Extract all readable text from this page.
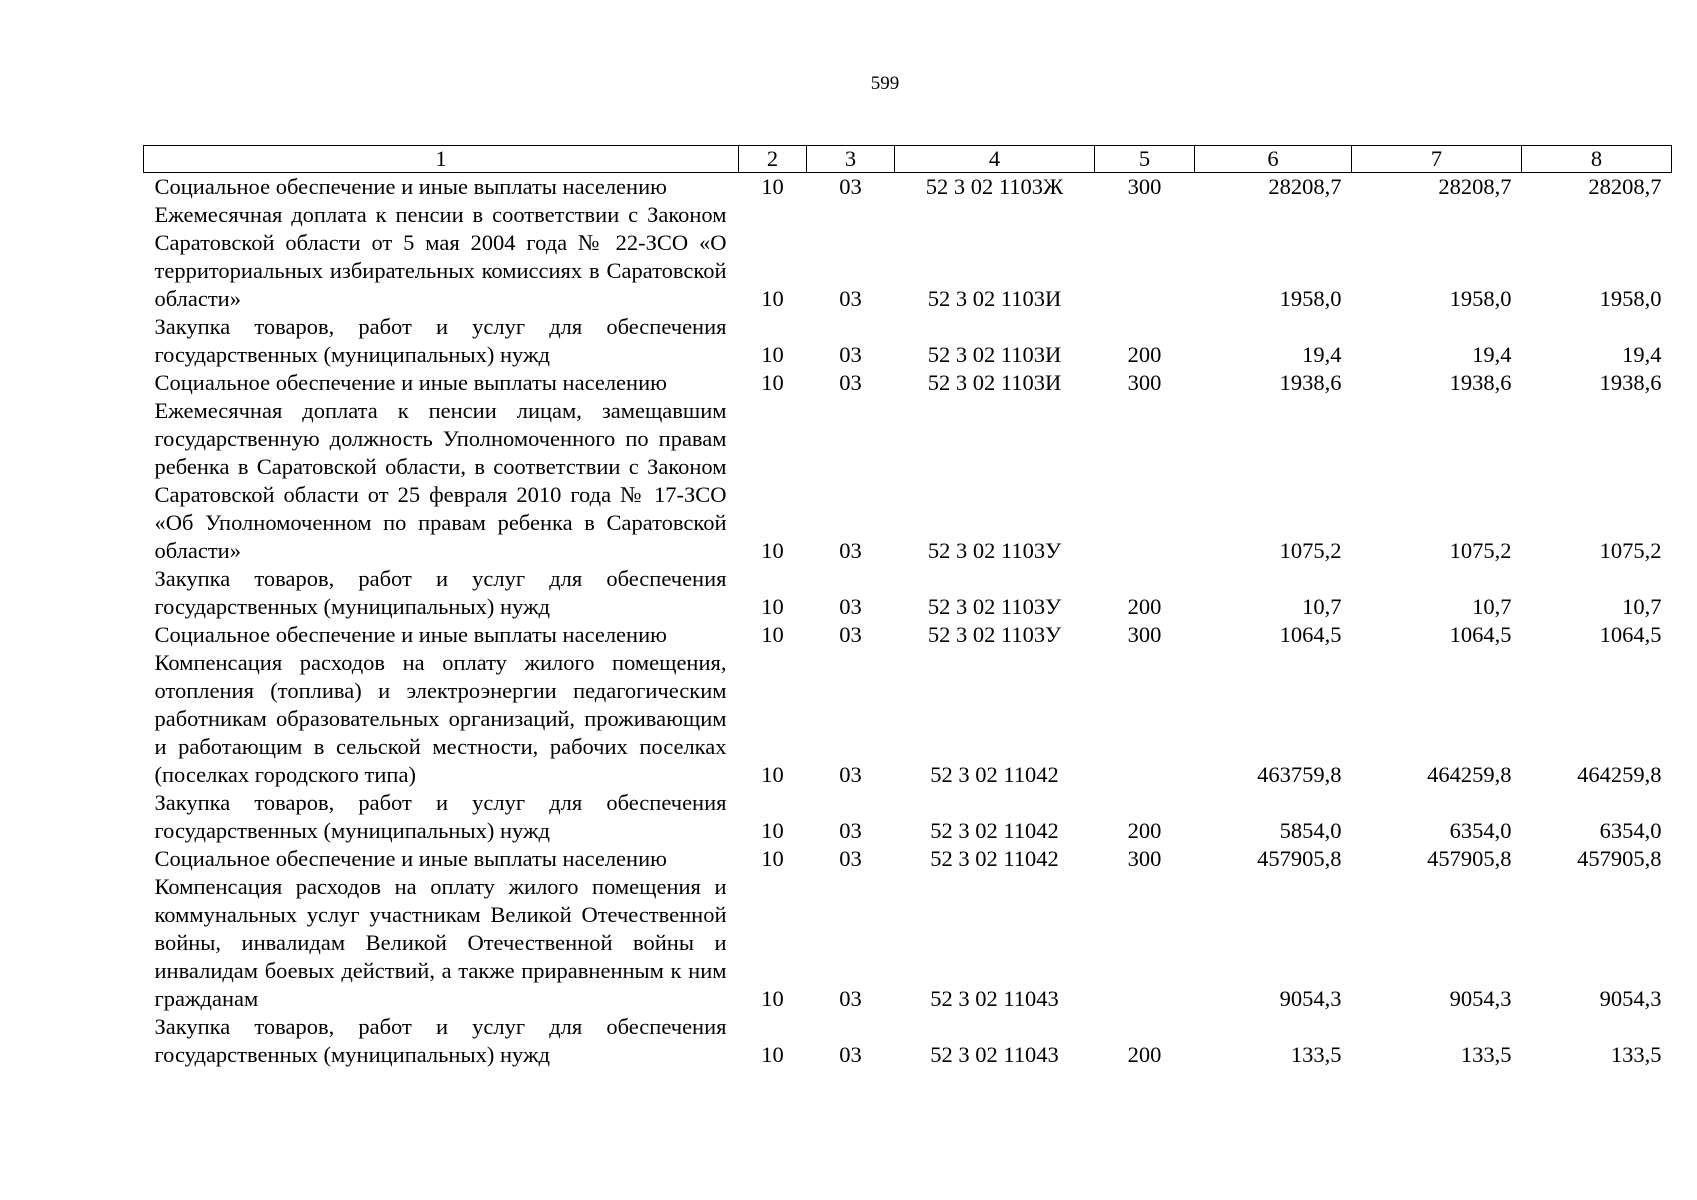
599
1	2	3	4	5	6	7	8
Социальное обеспечение и иные выплаты населению	10	03	52 3 02 1103Ж	300	28208,7	28208,7	28208,7
Ежемесячная доплата к пенсии в соответствии с Законом Саратовской области от 5 мая 2004 года № 22-ЗСО «О территориальных избирательных комиссиях в Саратовской области»	10	03	52 3 02 1103И		1958,0	1958,0	1958,0
Закупка товаров, работ и услуг для обеспечения государственных (муниципальных) нужд	10	03	52 3 02 1103И	200	19,4	19,4	19,4
Социальное обеспечение и иные выплаты населению	10	03	52 3 02 1103И	300	1938,6	1938,6	1938,6
Ежемесячная доплата к пенсии лицам, замещавшим государственную должность Уполномоченного по правам ребенка в Саратовской области, в соответствии с Законом Саратовской области от 25 февраля 2010 года № 17-ЗСО «Об Уполномоченном по правам ребенка в Саратовской области»	10	03	52 3 02 1103У		1075,2	1075,2	1075,2
Закупка товаров, работ и услуг для обеспечения государственных (муниципальных) нужд	10	03	52 3 02 1103У	200	10,7	10,7	10,7
Социальное обеспечение и иные выплаты населению	10	03	52 3 02 1103У	300	1064,5	1064,5	1064,5
Компенсация расходов на оплату жилого помещения, отопления (топлива) и электроэнергии педагогическим работникам образовательных организаций, проживающим и работающим в сельской местности, рабочих поселках (поселках городского типа)	10	03	52 3 02 11042		463759,8	464259,8	464259,8
Закупка товаров, работ и услуг для обеспечения государственных (муниципальных) нужд	10	03	52 3 02 11042	200	5854,0	6354,0	6354,0
Социальное обеспечение и иные выплаты населению	10	03	52 3 02 11042	300	457905,8	457905,8	457905,8
Компенсация расходов на оплату жилого помещения и коммунальных услуг участникам Великой Отечественной войны, инвалидам Великой Отечественной войны и инвалидам боевых действий, а также приравненным к ним гражданам	10	03	52 3 02 11043		9054,3	9054,3	9054,3
Закупка товаров, работ и услуг для обеспечения государственных (муниципальных) нужд	10	03	52 3 02 11043	200	133,5	133,5	133,5
